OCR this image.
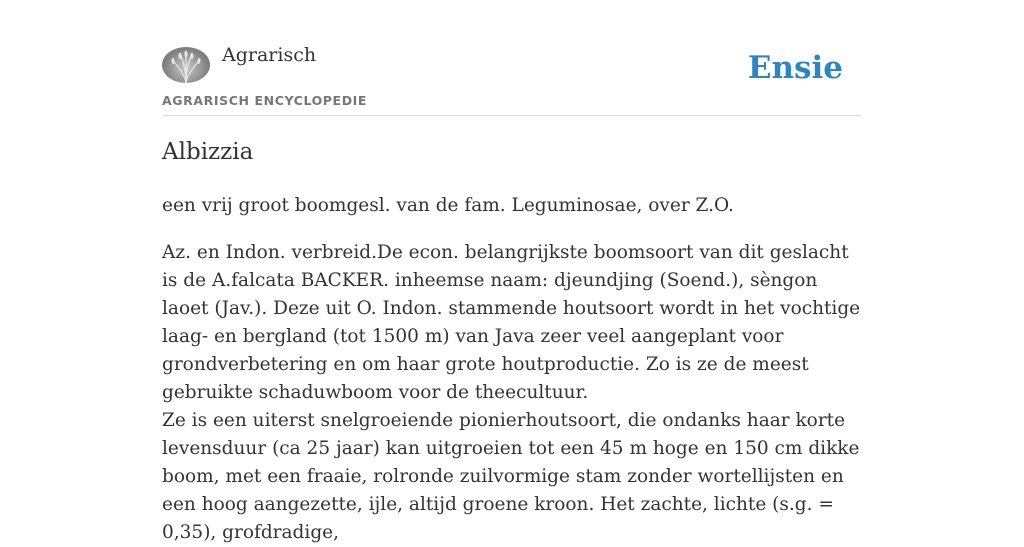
Agrarisch
AGRARISCH ENCYCLOPEDIE
Ensie
Albizzia

een vrij groot boomgesl. van de fam. Leguminosae, over Z.O.

Az. en Indon. verbreid.De econ. belangrijkste boomsoort van dit geslacht is de A.falcata BACKER. inheemse naam: djeundjing (Soend.), sèngon laoet (Jav.). Deze uit O. Indon. stammende houtsoort wordt in het vochtige laag- en bergland (tot 1500 m) van Java zeer veel aangeplant voor grondverbetering en om haar grote houtproductie. Zo is ze de meest gebruikte schaduwboom voor de theecultuur.

Ze is een uiterst snelgroeiende pionierhoutsoort, die ondanks haar korte levensduur (ca 25 jaar) kan uitgroeien tot een 45 m hoge en 150 cm dikke boom, met een fraaie, rolronde zuilvormige stam zonder wortellijsten en een hoog aangezette, ijle, altijd groene kroon. Het zachte, lichte (s.g. = 0,35), grofdradige,
